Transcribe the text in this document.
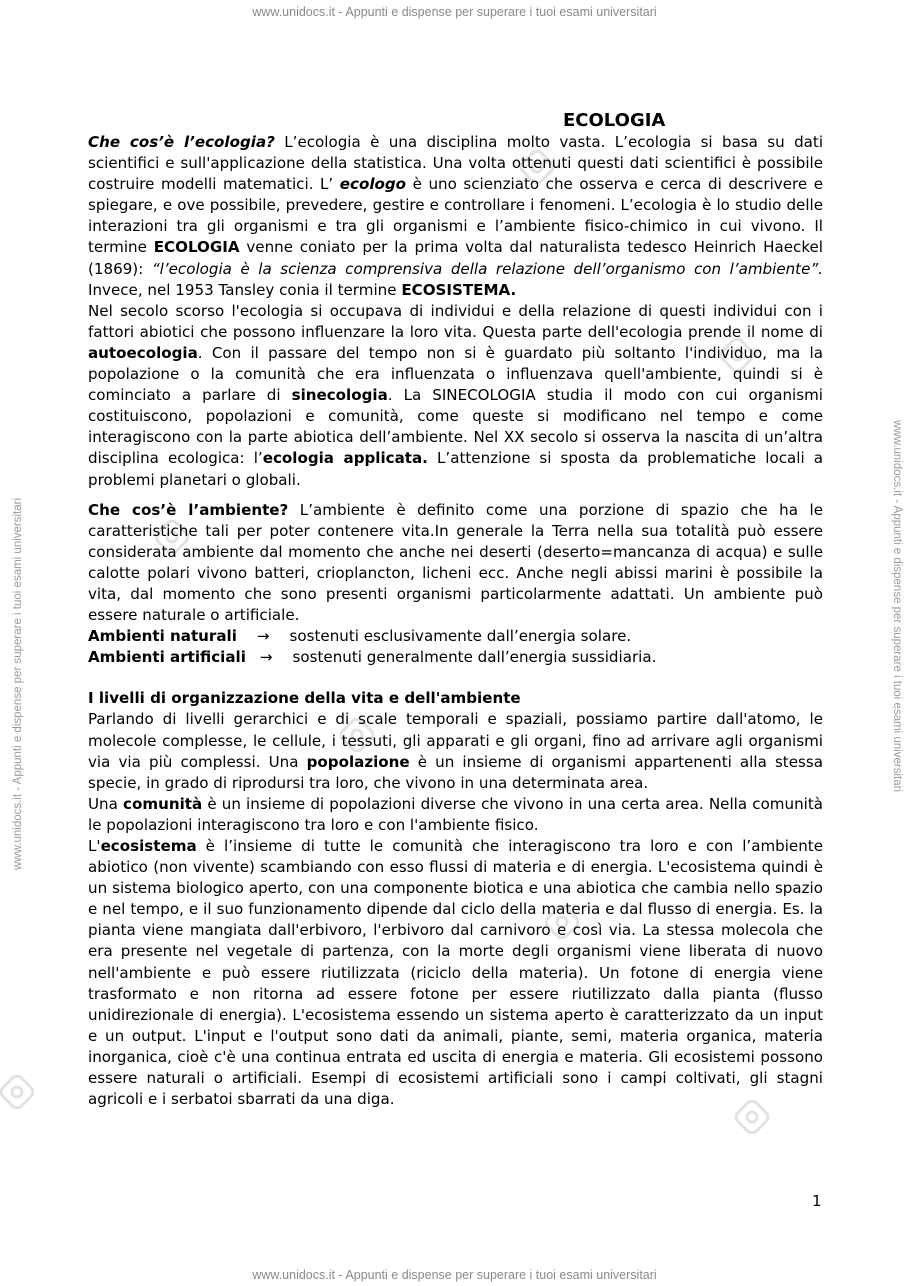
www.unidocs.it - Appunti e dispense per superare i tuoi esami universitari
www.unidocs.it - Appunti e dispense per superare i tuoi esami universitari
www.unidocs.it - Appunti e dispense per superare i tuoi esami universitari	www.unidocs.it - Appunti e dispense per superare i tuoi esami universitari
ECOLOGIA

Che cos’è l’ecologia? L’ecologia è una disciplina molto vasta. L’ecologia si basa su dati scientifici e sull'applicazione della statistica. Una volta ottenuti questi dati scientifici è possibile costruire modelli matematici. L’ ecologo è uno scienziato che osserva e cerca di descrivere e spiegare, e ove possibile, prevedere, gestire e controllare i fenomeni. L’ecologia è lo studio delle interazioni tra gli organismi e tra gli organismi e l’ambiente fisico-chimico in cui vivono. Il termine ECOLOGIA venne coniato per la prima volta dal naturalista tedesco Heinrich Haeckel (1869): “l’ecologia è la scienza comprensiva della relazione dell’organismo con l’ambiente”. Invece, nel 1953 Tansley conia il termine ECOSISTEMA.

Nel secolo scorso l'ecologia si occupava di individui e della relazione di questi individui con i fattori abiotici che possono influenzare la loro vita. Questa parte dell'ecologia prende il nome di autoecologia. Con il passare del tempo non si è guardato più soltanto l'individuo, ma la popolazione o la comunità che era influenzata o influenzava quell'ambiente, quindi si è cominciato a parlare di sinecologia. La SINECOLOGIA studia il modo con cui organismi costituiscono, popolazioni e comunità, come queste si modificano nel tempo e come interagiscono con la parte abiotica dell’ambiente. Nel XX secolo si osserva la nascita di un’altra disciplina ecologica: l’ecologia applicata. L’attenzione si sposta da problematiche locali a problemi planetari o globali.

Che cos’è l’ambiente? L’ambiente è definito come una porzione di spazio che ha le caratteristiche tali per poter contenere vita.In generale la Terra nella sua totalità può essere considerata ambiente dal momento che anche nei deserti (deserto=mancanza di acqua) e sulle calotte polari vivono batteri, crioplancton, licheni ecc. Anche negli abissi marini è possibile la vita, dal momento che sono presenti organismi particolarmente adattati. Un ambiente può essere naturale o artificiale.

Ambienti naturali → sostenuti esclusivamente dall’energia solare.
Ambienti artificiali → sostenuti generalmente dall’energia sussidiaria.

I livelli di organizzazione della vita e dell'ambiente

Parlando di livelli gerarchici e di scale temporali e spaziali, possiamo partire dall'atomo, le molecole complesse, le cellule, i tessuti, gli apparati e gli organi, fino ad arrivare agli organismi via via più complessi. Una popolazione è un insieme di organismi appartenenti alla stessa specie, in grado di riprodursi tra loro, che vivono in una determinata area.

Una comunità è un insieme di popolazioni diverse che vivono in una certa area. Nella comunità le popolazioni interagiscono tra loro e con l'ambiente fisico.

L'ecosistema è l’insieme di tutte le comunità che interagiscono tra loro e con l’ambiente abiotico (non vivente) scambiando con esso flussi di materia e di energia. L'ecosistema quindi è un sistema biologico aperto, con una componente biotica e una abiotica che cambia nello spazio e nel tempo, e il suo funzionamento dipende dal ciclo della materia e dal flusso di energia. Es. la pianta viene mangiata dall'erbivoro, l'erbivoro dal carnivoro e così via. La stessa molecola che era presente nel vegetale di partenza, con la morte degli organismi viene liberata di nuovo nell'ambiente e può essere riutilizzata (riciclo della materia). Un fotone di energia viene trasformato e non ritorna ad essere fotone per essere riutilizzato dalla pianta (flusso unidirezionale di energia). L'ecosistema essendo un sistema aperto è caratterizzato da un input e un output. L'input e l'output sono dati da animali, piante, semi, materia organica, materia inorganica, cioè c'è una continua entrata ed uscita di energia e materia. Gli ecosistemi possono essere naturali o artificiali. Esempi di ecosistemi artificiali sono i campi coltivati, gli stagni agricoli e i serbatoi sbarrati da una diga.

1
